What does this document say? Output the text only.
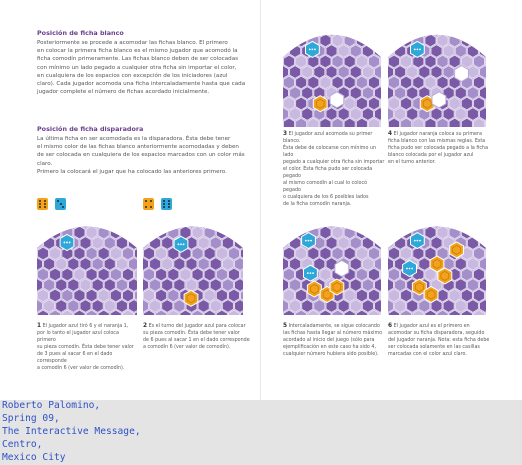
Posición de ficha blanco

Posteriormente se procede a acomodar las fichas blanco. El primero
en colocar la primera ficha blanco es el mismo jugador que acomodó la
ficha comodín primeramente. Las fichas blanco deben de ser colocadas
con mínimo un lado pegado a cualquier otra ficha sin importar el color,
en cualquiera de los espacios con excepción de los iniciadores (azul
claro). Cada jugador acomoda una ficha intercaladamente hasta que cada
jugador complete el número de fichas acordado inicialmente.

Posición de ficha disparadora

La última ficha en ser acomodada es la disparadora. Ésta debe tener
el mismo color de las fichas blanco anteriormente acomodadas y deben
de ser colocada en cualquiera de los espacios marcados con un color más claro.
Primero la colocará el jugar que ha colocado las anteriores primero.

1 El jugador azul tiró 6 y el naranja 1,
por lo tanto el jugador azul coloca primero
su pieza comodín. Ésta debe tener valor
de 3 pues al sacar 6 en el dado corresponde
a comodín 6 (ver valor de comodín).

2 Es el turno del jugador azul para colocar
su pieza comodín. Ésta debe tener valor
de 6 pues al sacar 1 en el dado corresponde
a comodín 6 (ver valor de comodín).

3 El jugador azul acomoda su primer blanco.
Ésta debe de colocarse con mínimo un lado
pegado a cualquier otra ficha sin importar
el color. Esta ficha pudo ser colocada pegado
al mismo comodín al cual lo colocó pegado
o cualquiera de los 6 posibles lados
de la ficha comodín naranja.

4 El jugador naranja coloca su primera
ficha blanco con las mismas reglas. Esta
ficha pudo ser colocada pegado a la ficha
blanco colocada por el jugador azul
en el turno anterior.

5 Intercaladamente, se sigue colocando
las fichas hasta llegar al número máximo
acordado al inicio del juego (sólo para
ejemplificación en este caso ha sido 4,
cualquier número hubiera sido posible).

6 El jugador azul es el primero en
acomodar su ficha disparadora, seguido
del jugador naranja. Nota: esta ficha debe
ser colocada solamente en las casillas
marcadas con el color azul claro.

Roberto Palomino,
Spring 09,
The Interactive Message,
Centro,
Mexico City
